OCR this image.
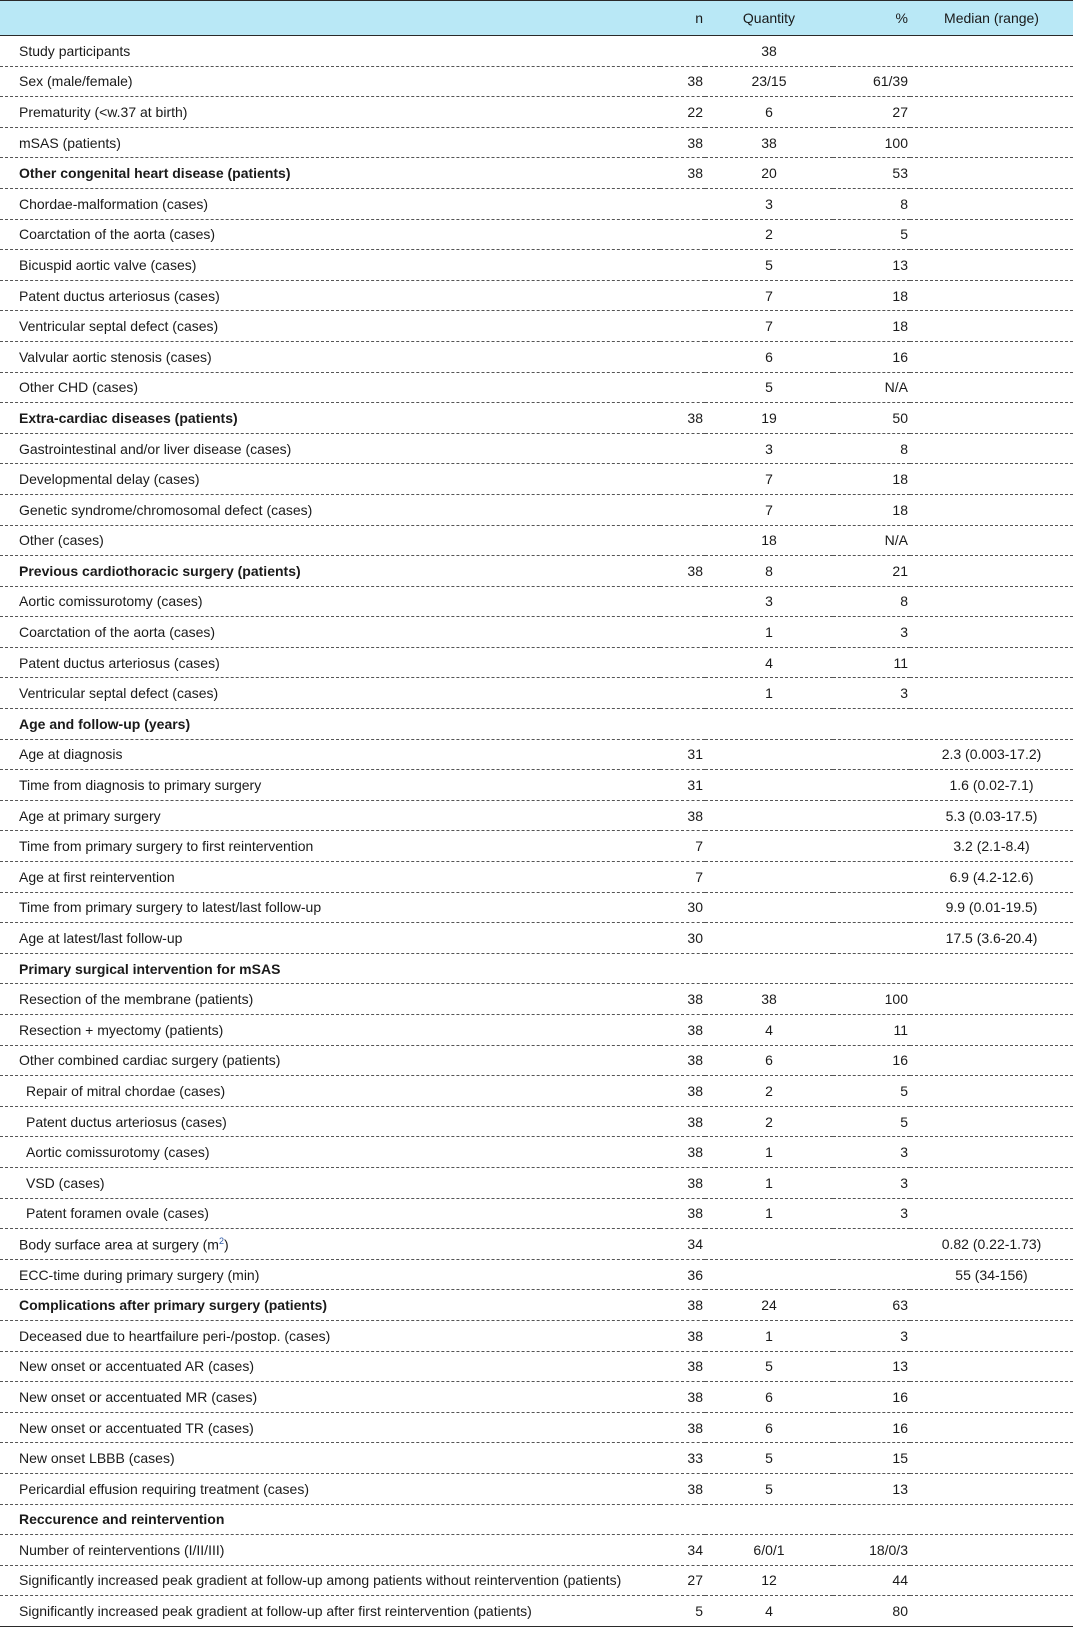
	n	Quantity	%	Median (range)
Study participants		38		
Sex (male/female)	38	23/15	61/39	
Prematurity (<w.37 at birth)	22	6	27	
mSAS (patients)	38	38	100	
Other congenital heart disease (patients)	38	20	53	
Chordae-malformation (cases)		3	8	
Coarctation of the aorta (cases)		2	5	
Bicuspid aortic valve (cases)		5	13	
Patent ductus arteriosus (cases)		7	18	
Ventricular septal defect (cases)		7	18	
Valvular aortic stenosis (cases)		6	16	
Other CHD (cases)		5	N/A	
Extra-cardiac diseases (patients)	38	19	50	
Gastrointestinal and/or liver disease (cases)		3	8	
Developmental delay (cases)		7	18	
Genetic syndrome/chromosomal defect (cases)		7	18	
Other (cases)		18	N/A	
Previous cardiothoracic surgery (patients)	38	8	21	
Aortic comissurotomy (cases)		3	8	
Coarctation of the aorta (cases)		1	3	
Patent ductus arteriosus (cases)		4	11	
Ventricular septal defect (cases)		1	3	
Age and follow-up (years)				
Age at diagnosis	31			2.3 (0.003-17.2)
Time from diagnosis to primary surgery	31			1.6 (0.02-7.1)
Age at primary surgery	38			5.3 (0.03-17.5)
Time from primary surgery to first reintervention	7			3.2 (2.1-8.4)
Age at first reintervention	7			6.9 (4.2-12.6)
Time from primary surgery to latest/last follow-up	30			9.9 (0.01-19.5)
Age at latest/last follow-up	30			17.5 (3.6-20.4)
Primary surgical intervention for mSAS				
Resection of the membrane (patients)	38	38	100	
Resection + myectomy (patients)	38	4	11	
Other combined cardiac surgery (patients)	38	6	16	
Repair of mitral chordae (cases)	38	2	5	
Patent ductus arteriosus (cases)	38	2	5	
Aortic comissurotomy (cases)	38	1	3	
VSD (cases)	38	1	3	
Patent foramen ovale (cases)	38	1	3	
Body surface area at surgery $(m^2)$	34			0.82 (0.22-1.73)
ECC-time during primary surgery (min)	36			55 (34-156)
Complications after primary surgery (patients)	38	24	63	
Deceased due to heartfailure peri-/postop. (cases)	38	1	3	
New onset or accentuated AR (cases)	38	5	13	
New onset or accentuated MR (cases)	38	6	16	
New onset or accentuated TR (cases)	38	6	16	
New onset LBBB (cases)	33	5	15	
Pericardial effusion requiring treatment (cases)	38	5	13	
Reccurence and reintervention				
Number of reinterventions (I/II/III)	34	6/0/1	18/0/3	
Significantly increased peak gradient at follow-up among patients without reintervention (patients)	27	12	44	
Significantly increased peak gradient at follow-up after first reintervention (patients)	5	4	80	
